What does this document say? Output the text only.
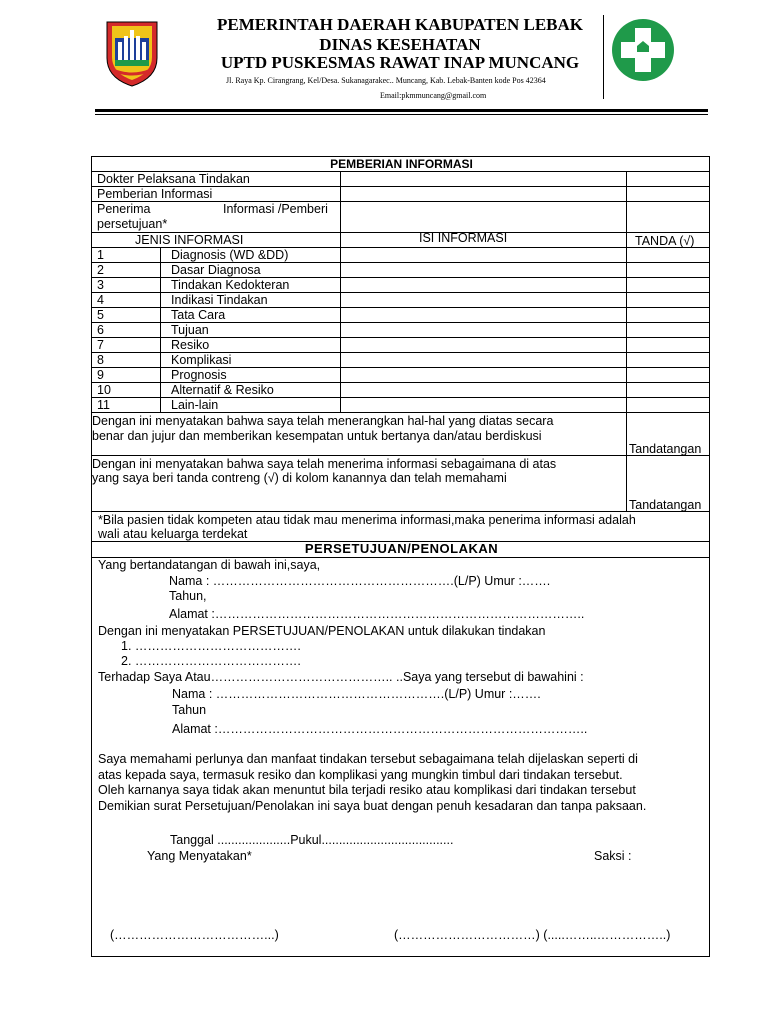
PEMERINTAH DAERAH KABUPATEN LEBAK
DINAS KESEHATAN
UPTD PUSKESMAS RAWAT INAP MUNCANG
Jl. Raya Kp. Cirangrang, Kel/Desa. Sukanagarakec.. Muncang, Kab. Lebak-Banten kode Pos 42364
Email:pkmmuncang@gmail.com
PEMBERIAN INFORMASI
Dokter Pelaksana Tindakan
Pemberian Informasi
Penerima	Informasi /Pemberi
persetujuan*
JENIS INFORMASI	ISI INFORMASI	TANDA (√)
1	Diagnosis (WD &DD)
2	Dasar Diagnosa
3	Tindakan Kedokteran
4	Indikasi Tindakan
5	Tata Cara
6	Tujuan
7	Resiko
8	Komplikasi
9	Prognosis
10	Alternatif & Resiko
11	Lain-lain
Dengan ini menyatakan bahwa saya telah menerangkan hal-hal yang diatas secara
benar dan jujur dan memberikan kesempatan untuk bertanya dan/atau berdiskusi
Tandatangan
Dengan ini menyatakan bahwa saya telah menerima informasi sebagaimana di atas
yang saya beri tanda contreng (√) di kolom kanannya dan telah memahami
Tandatangan
*Bila pasien tidak kompeten atau tidak mau menerima informasi,maka penerima informasi adalah
wali atau keluarga terdekat
PERSETUJUAN/PENOLAKAN
Yang bertandatangan di bawah ini,saya,
Nama : ………………………………………………….(L/P) Umur :…….
Tahun,
Alamat :……………………………………………………………………………..
Dengan ini menyatakan PERSETUJUAN/PENOLAKAN untuk dilakukan tindakan
1. ………………………………….
2. ………………………………….
Terhadap Saya Atau…………………………………….. ..Saya yang tersebut di bawahini :
Nama : ……………………………………………….(L/P) Umur :…….
Tahun
Alamat :……………………………………………………………………………..
Saya memahami perlunya dan manfaat tindakan tersebut sebagaimana telah dijelaskan seperti di
atas kepada saya, termasuk resiko dan komplikasi yang mungkin timbul dari tindakan tersebut.
Oleh karnanya saya tidak akan menuntut bila terjadi resiko atau komplikasi dari tindakan tersebut
Demikian surat Persetujuan/Penolakan ini saya buat dengan penuh kesadaran dan tanpa paksaan.
Tanggal .....................Pukul......................................
Yang Menyatakan*	Saksi :
(………………………………...)	(……………………………) (.....……..……………..)
